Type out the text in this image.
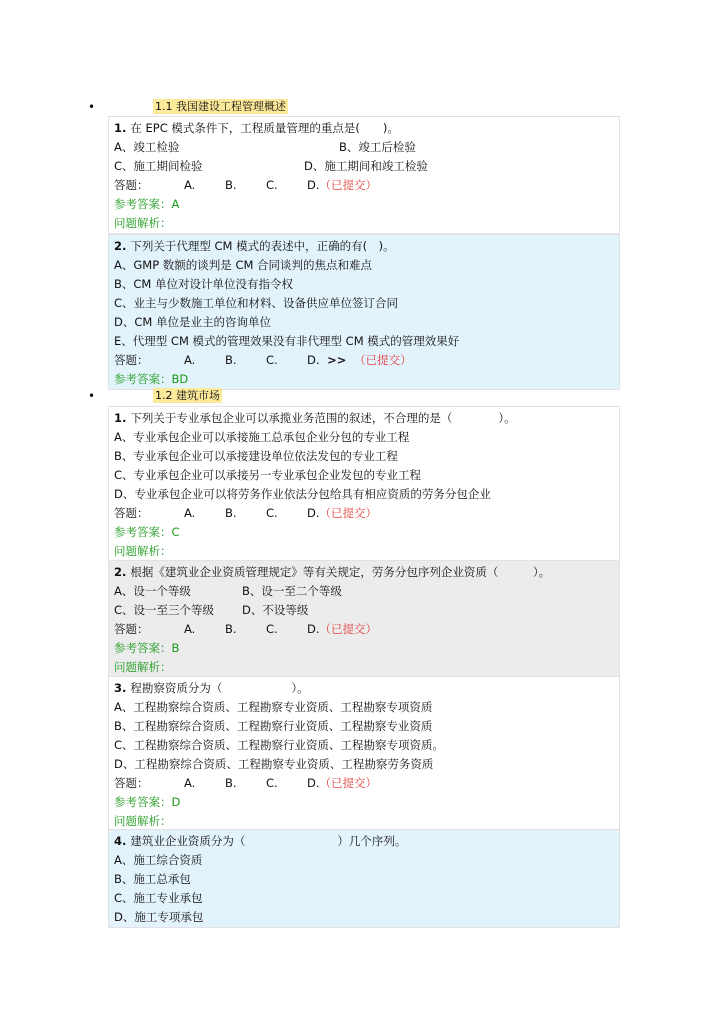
•	1.1 我国建设工程管理概述
1. 在 EPC 模式条件下，工程质量管理的重点是(　　)。
A、竣工检验	B、竣工后检验
C、施工期间检验	D、施工期间和竣工检验
答题：	A.	B.	C.	D.（已提交）
参考答案：A
问题解析：
2. 下列关于代理型 CM 模式的表述中，正确的有(　)。
A、GMP 数额的谈判是 CM 合同谈判的焦点和难点
B、CM 单位对设计单位没有指令权
C、业主与少数施工单位和材料、设备供应单位签订合同
D、CM 单位是业主的咨询单位
E、代理型 CM 模式的管理效果没有非代理型 CM 模式的管理效果好
答题：	A.	B.	C.	D. >> （已提交）
参考答案：BD
•	1.2 建筑市场
1. 下列关于专业承包企业可以承揽业务范围的叙述，不合理的是（　　　　）。
A、专业承包企业可以承接施工总承包企业分包的专业工程
B、专业承包企业可以承接建设单位依法发包的专业工程
C、专业承包企业可以承接另一专业承包企业发包的专业工程
D、专业承包企业可以将劳务作业依法分包给具有相应资质的劳务分包企业
答题：	A.	B.	C.	D.（已提交）
参考答案：C
问题解析：
2. 根据《建筑业企业资质管理规定》等有关规定，劳务分包序列企业资质（　　　）。
A、设一个等级	B、设一至二个等级
C、设一至三个等级 D、不设等级
答题：	A.	B.	C.	D.（已提交）
参考答案：B
问题解析：
3. 程勘察资质分为（　　　　　　）。
A、工程勘察综合资质、工程勘察专业资质、工程勘察专项资质
B、工程勘察综合资质、工程勘察行业资质、工程勘察专业资质
C、工程勘察综合资质、工程勘察行业资质、工程勘察专项资质。
D、工程勘察综合资质、工程勘察专业资质、工程勘察劳务资质
答题：	A.	B.	C.	D.（已提交）
参考答案：D
问题解析：
4. 建筑业企业资质分为（　　　　　　　　）几个序列。
A、施工综合资质
B、施工总承包
C、施工专业承包
D、施工专项承包
